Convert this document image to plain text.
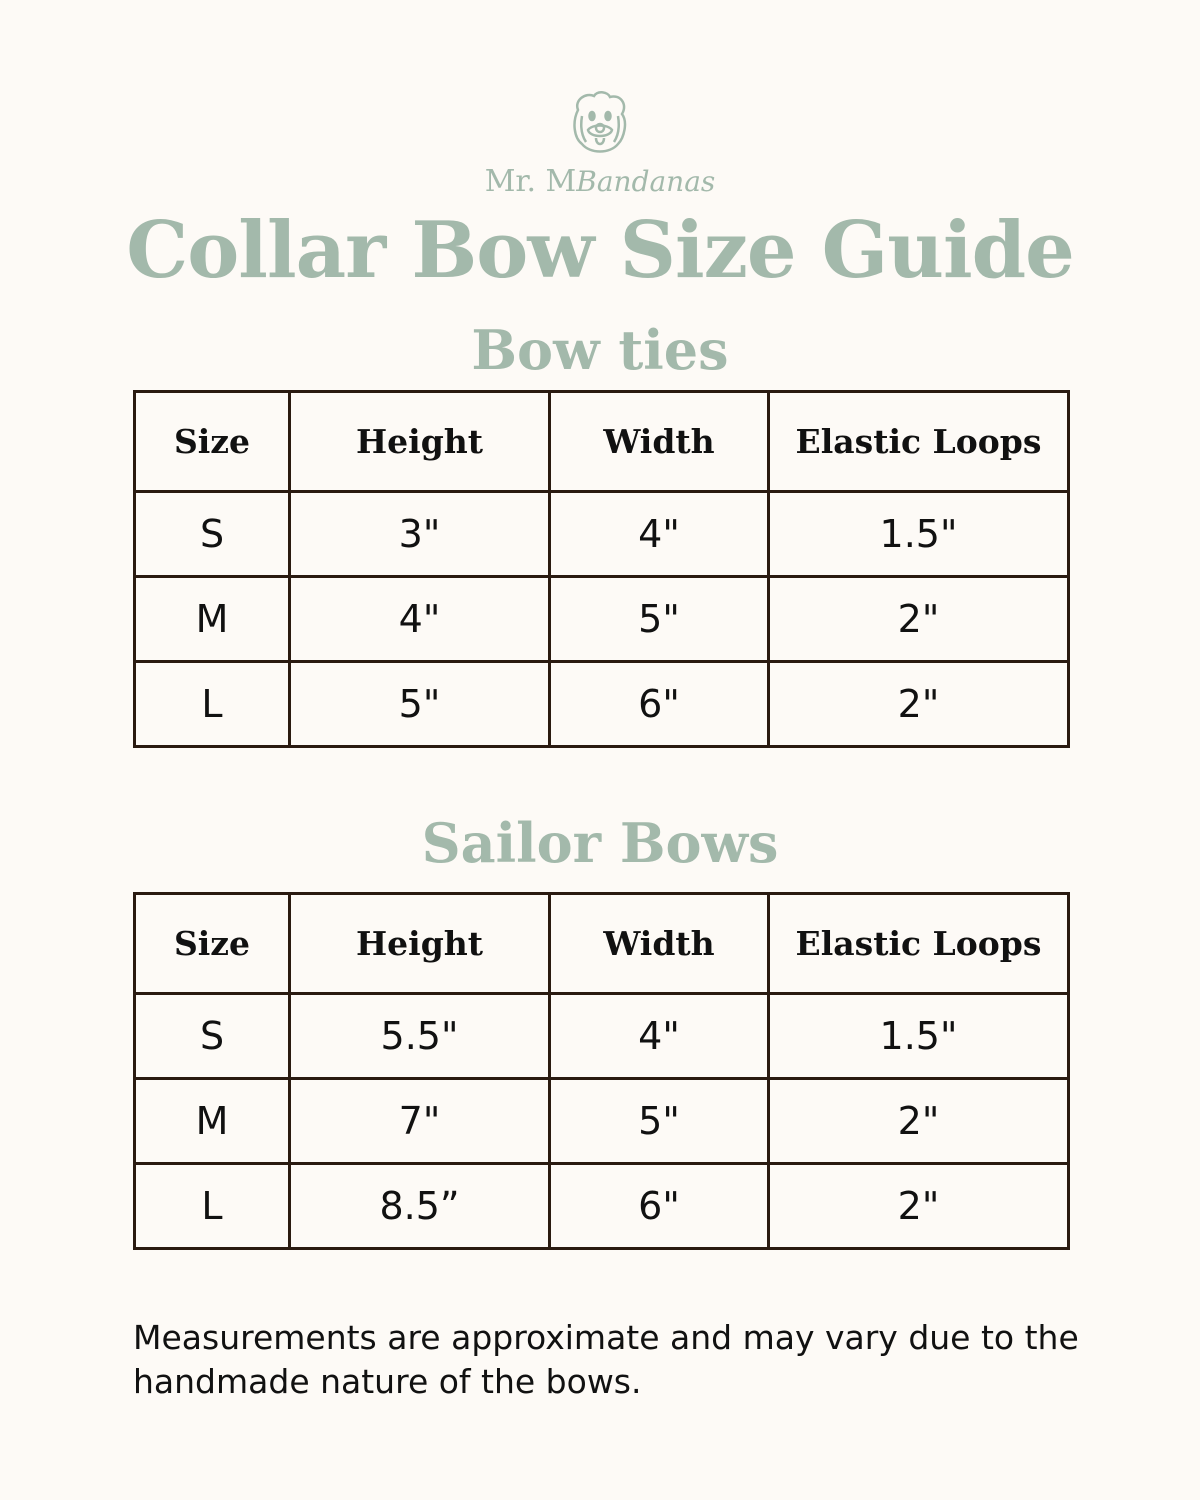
Mr. MBandanas
Collar Bow Size Guide
Bow ties
Size	Height	Width	Elastic Loops
S	3"	4"	1.5"
M	4"	5"	2"
L	5"	6"	2"
Sailor Bows
Size	Height	Width	Elastic Loops
S	5.5"	4"	1.5"
M	7"	5"	2"
L	8.5”	6"	2"

Measurements are approximate and may vary due to the handmade nature of the bows.
